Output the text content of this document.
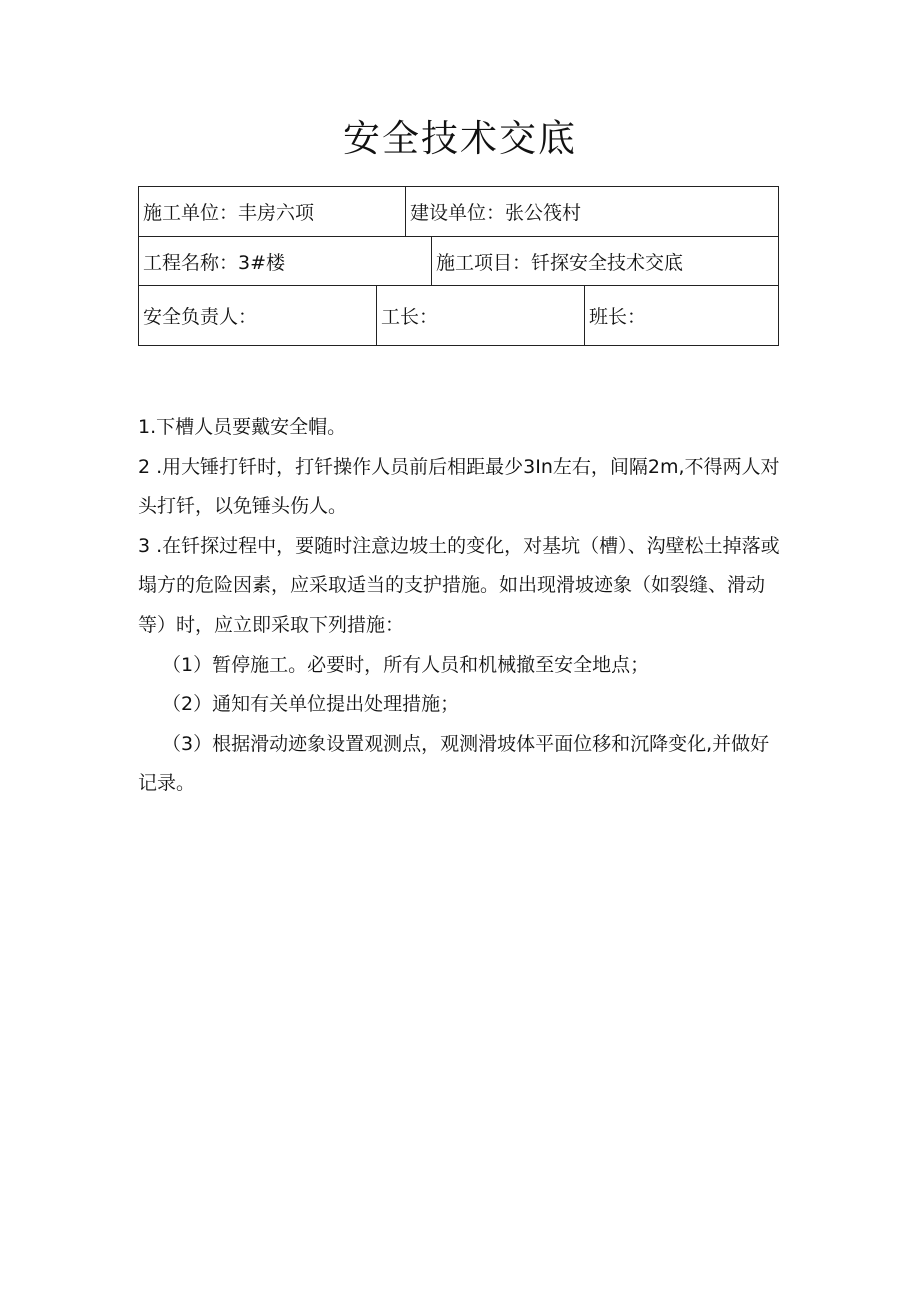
安全技术交底
施工单位：丰房六项	建设单位：张公筏村
工程名称：3#楼	施工项目：钎探安全技术交底
安全负责人：	工长：	班长：

1.下槽人员要戴安全帽。

2 .用大锤打钎时，打钎操作人员前后相距最少3In左右，间隔2m,不得两人对头打钎，以免锤头伤人。

3 .在钎探过程中，要随时注意边坡土的变化，对基坑（槽）、沟壁松土掉落或塌方的危险因素，应采取适当的支护措施。如出现滑坡迹象（如裂缝、滑动等）时，应立即采取下列措施：

（1）暂停施工。必要时，所有人员和机械撤至安全地点；

（2）通知有关单位提出处理措施；

（3）根据滑动迹象设置观测点，观测滑坡体平面位移和沉降变化,并做好记录。
